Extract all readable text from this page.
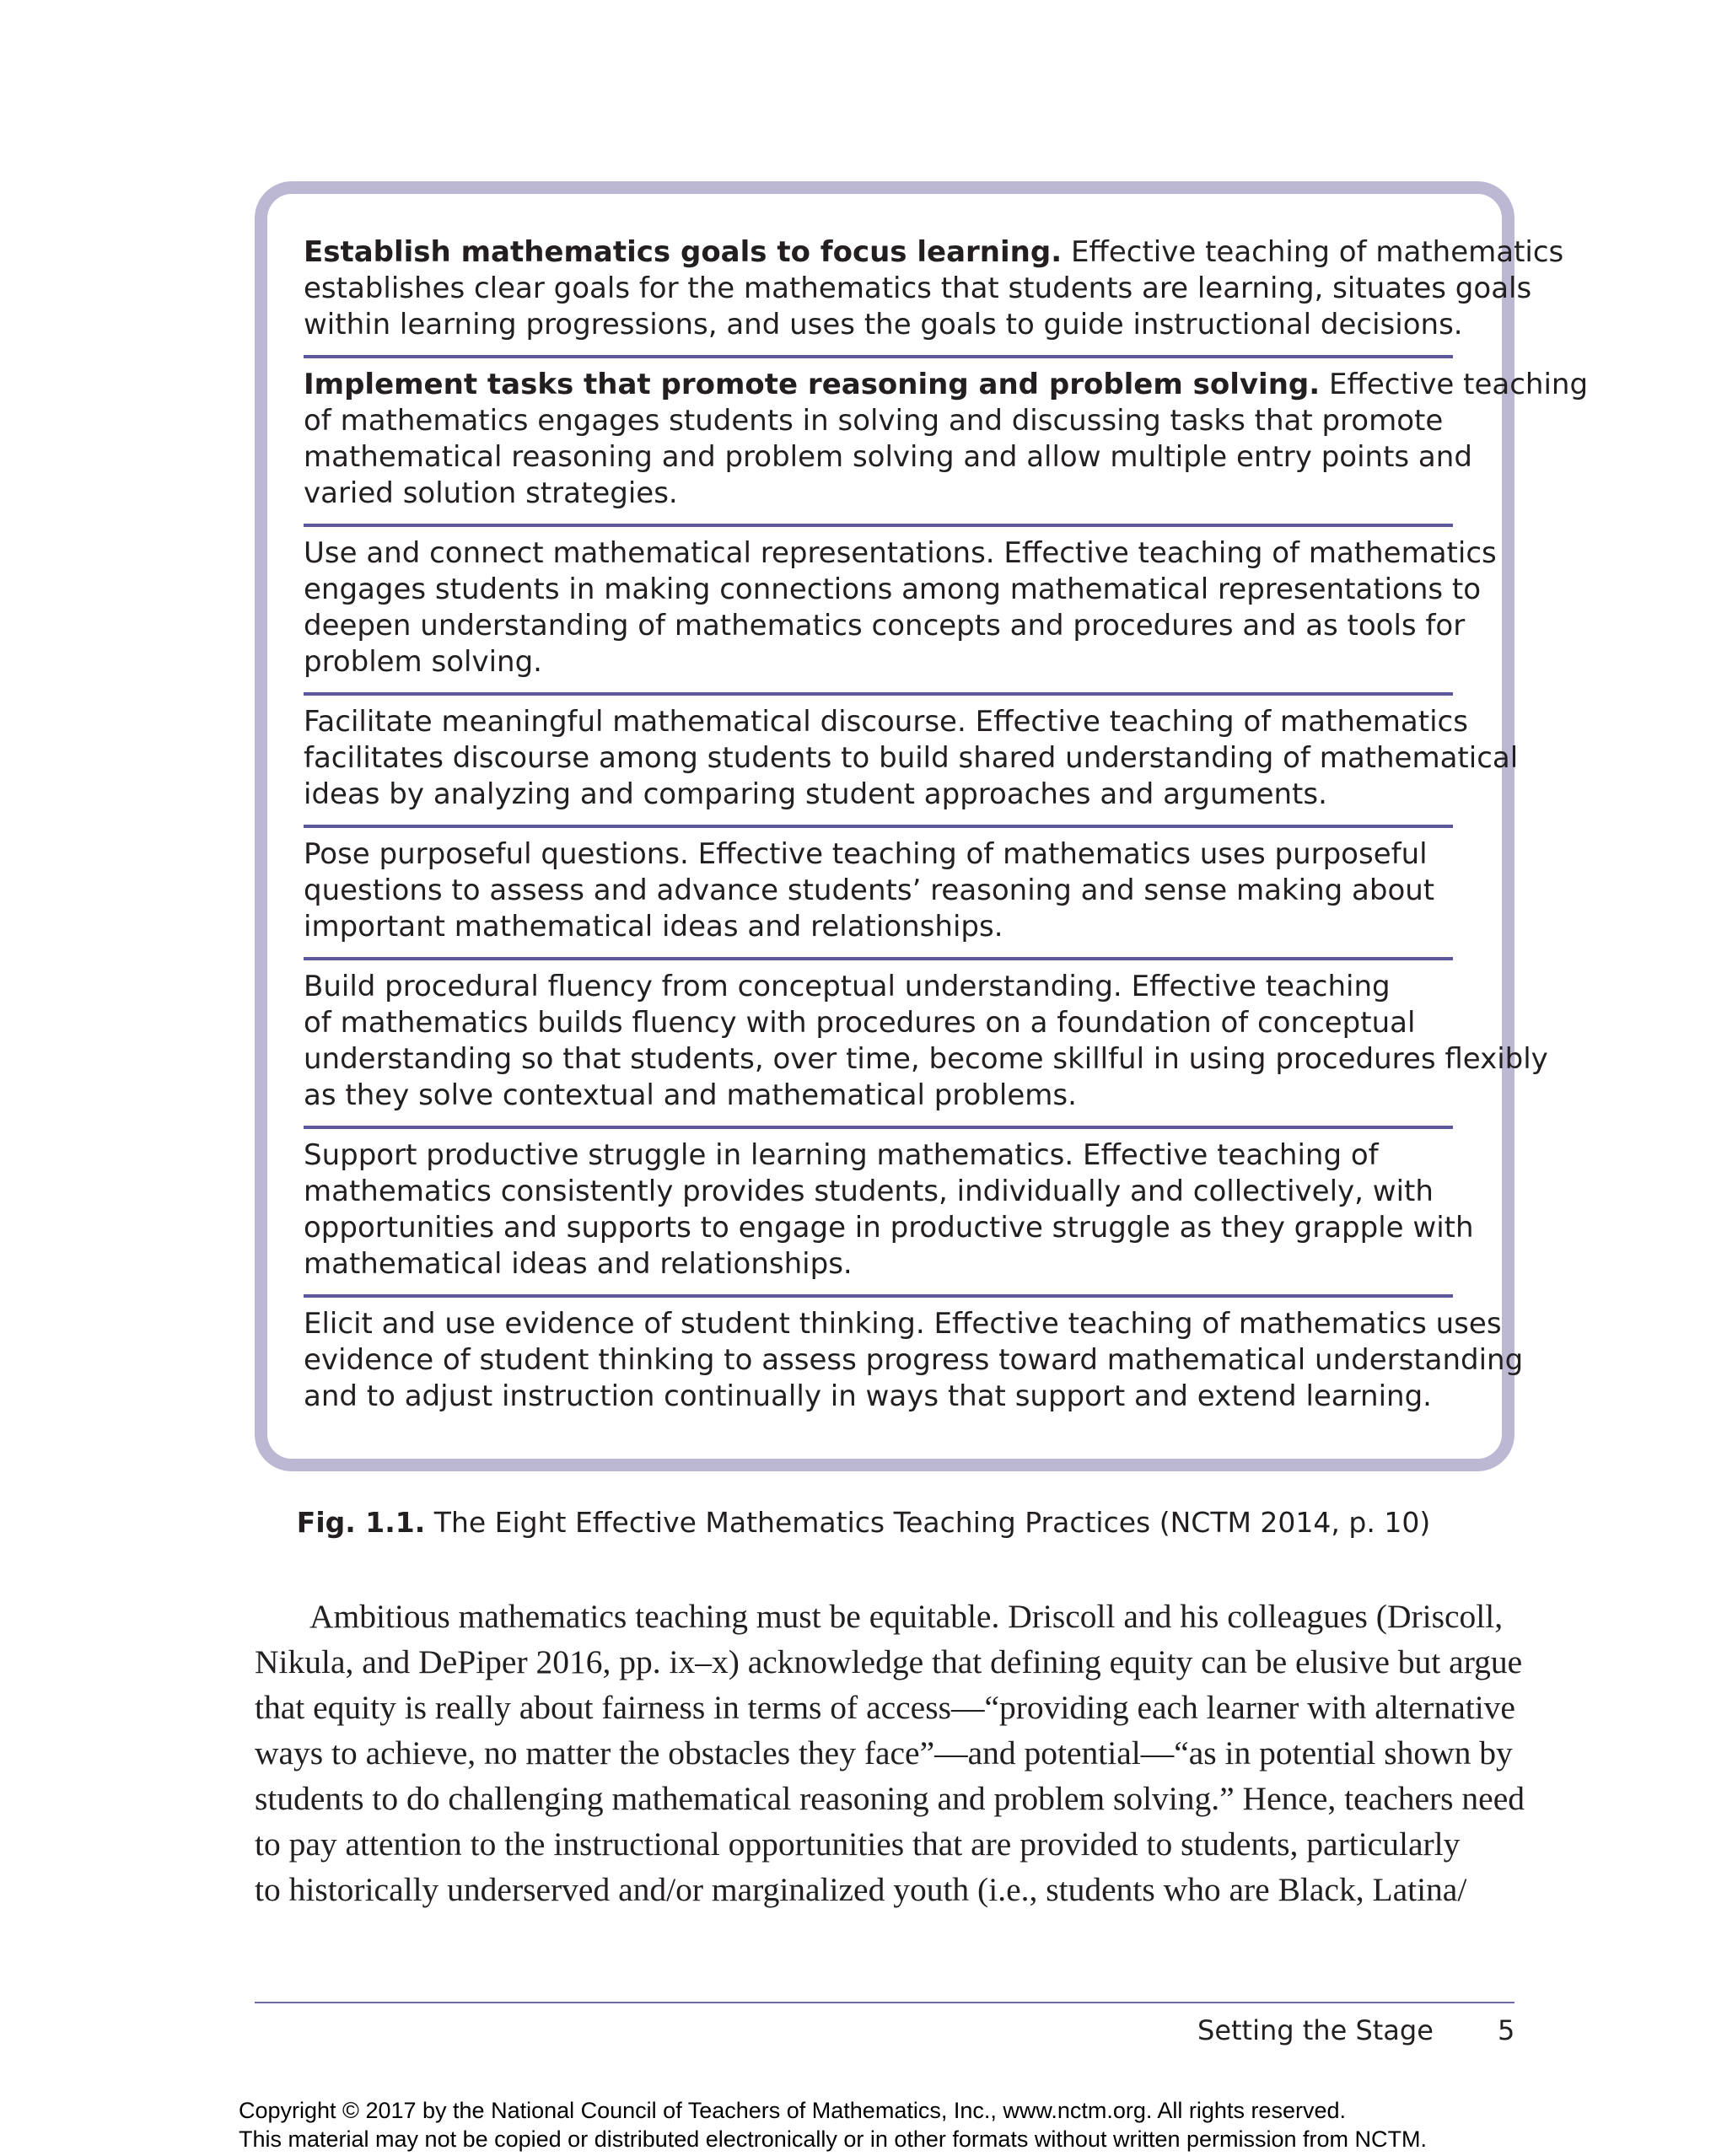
Establish mathematics goals to focus learning. Effective teaching of mathematics
establishes clear goals for the mathematics that students are learning, situates goals
within learning progressions, and uses the goals to guide instructional decisions.
Implement tasks that promote reasoning and problem solving. Effective teaching
of mathematics engages students in solving and discussing tasks that promote
mathematical reasoning and problem solving and allow multiple entry points and
varied solution strategies.
Use and connect mathematical representations. Effective teaching of mathematics
engages students in making connections among mathematical representations to
deepen understanding of mathematics concepts and procedures and as tools for
problem solving.
Facilitate meaningful mathematical discourse. Effective teaching of mathematics
facilitates discourse among students to build shared understanding of mathematical
ideas by analyzing and comparing student approaches and arguments.
Pose purposeful questions. Effective teaching of mathematics uses purposeful
questions to assess and advance students’ reasoning and sense making about
important mathematical ideas and relationships.
Build procedural fluency from conceptual understanding. Effective teaching
of mathematics builds fluency with procedures on a foundation of conceptual
understanding so that students, over time, become skillful in using procedures flexibly
as they solve contextual and mathematical problems.
Support productive struggle in learning mathematics. Effective teaching of
mathematics consistently provides students, individually and collectively, with
opportunities and supports to engage in productive struggle as they grapple with
mathematical ideas and relationships.
Elicit and use evidence of student thinking. Effective teaching of mathematics uses
evidence of student thinking to assess progress toward mathematical understanding
and to adjust instruction continually in ways that support and extend learning.
Fig. 1.1. The Eight Effective Mathematics Teaching Practices (NCTM 2014, p. 10)
Ambitious mathematics teaching must be equitable. Driscoll and his colleagues (Driscoll,
Nikula, and DePiper 2016, pp. ix–x) acknowledge that defining equity can be elusive but argue
that equity is really about fairness in terms of access—“providing each learner with alternative
ways to achieve, no matter the obstacles they face”—and potential—“as in potential shown by
students to do challenging mathematical reasoning and problem solving.” Hence, teachers need
to pay attention to the instructional opportunities that are provided to students, particularly
to historically underserved and/or marginalized youth (i.e., students who are Black, Latina/
Setting the Stage 5
Copyright © 2017 by the National Council of Teachers of Mathematics, Inc., www.nctm.org. All rights reserved.
This material may not be copied or distributed electronically or in other formats without written permission from NCTM.
